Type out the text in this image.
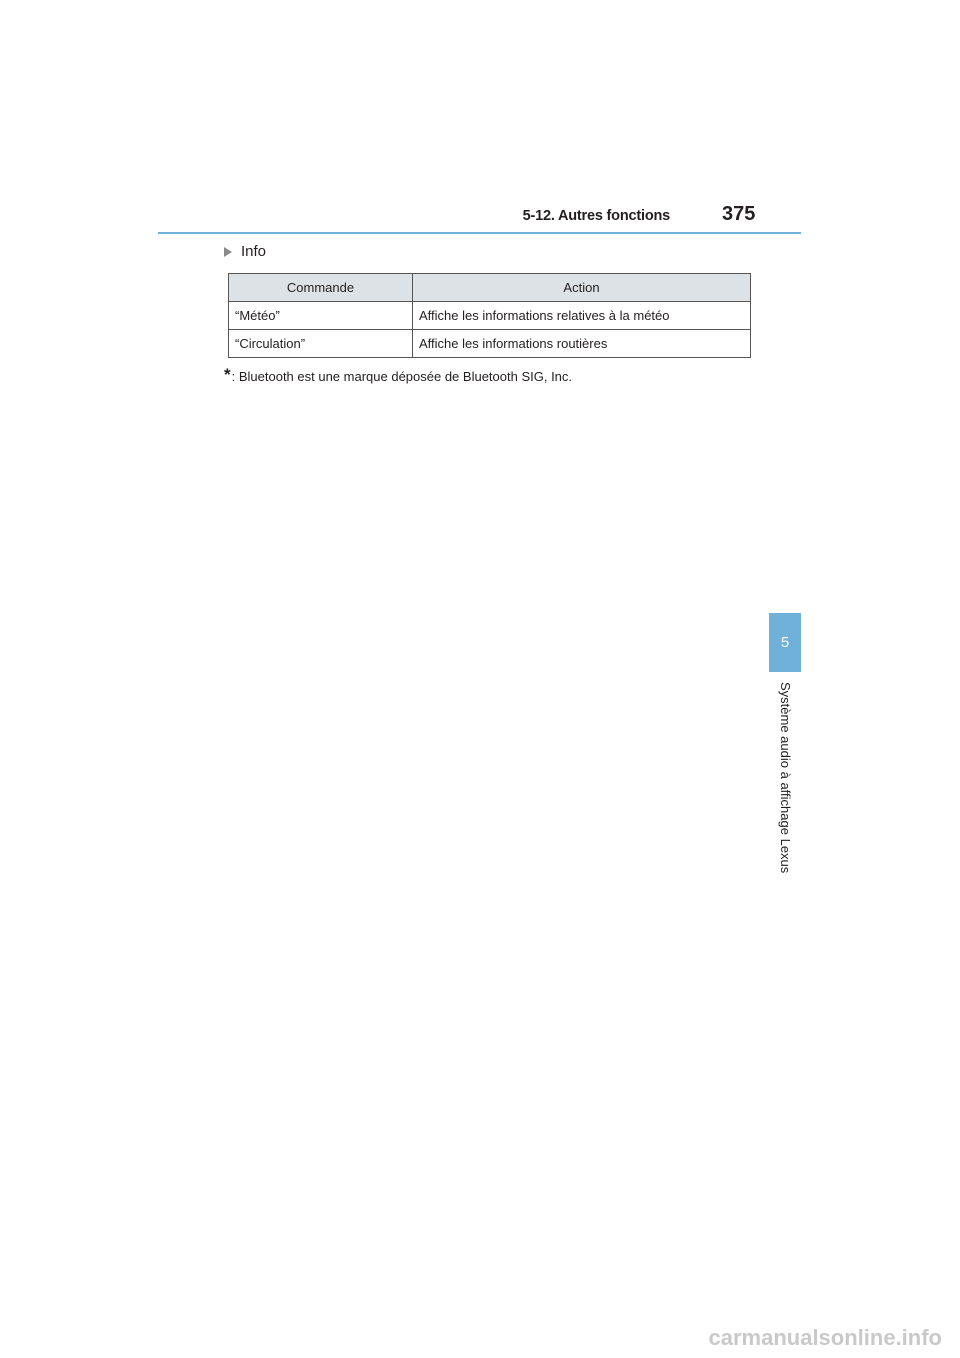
5-12. Autres fonctions	375
Info
Commande	Action
“Météo”	Affiche les informations relatives à la météo
“Circulation”	Affiche les informations routières
* : Bluetooth est une marque déposée de Bluetooth SIG, Inc.
5
Système audio à affichage Lexus
carmanualsonline.info
